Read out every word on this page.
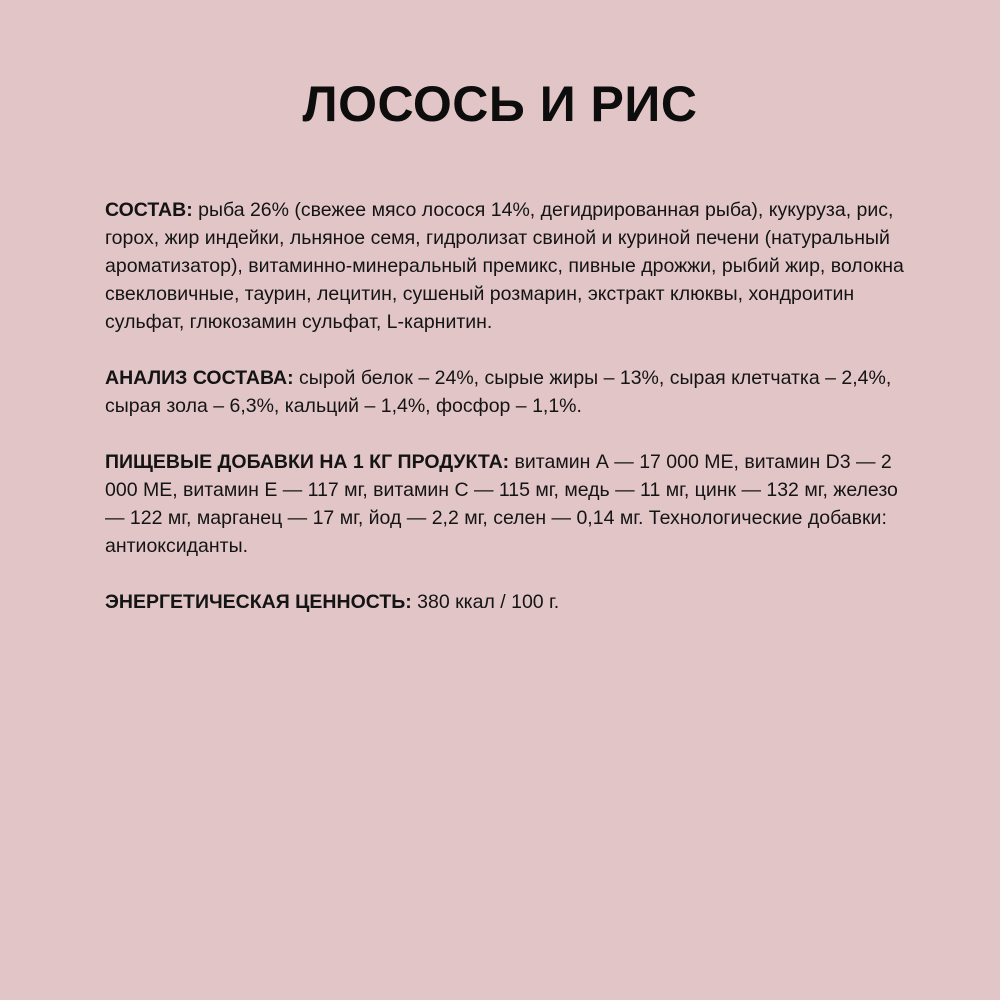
ЛОСОСЬ И РИС

СОСТАВ: рыба 26% (свежее мясо лосося 14%, дегидрированная рыба), кукуруза, рис, горох, жир индейки, льняное семя, гидролизат свиной и куриной печени (натуральный ароматизатор), витаминно-минеральный премикс, пивные дрожжи, рыбий жир, волокна свекловичные, таурин, лецитин, сушеный розмарин, экстракт клюквы, хондроитин сульфат, глюкозамин сульфат, L-карнитин.

АНАЛИЗ СОСТАВА: сырой белок – 24%, сырые жиры – 13%, сырая клетчатка – 2,4%, сырая зола – 6,3%, кальций – 1,4%, фосфор – 1,1%.

ПИЩЕВЫЕ ДОБАВКИ НА 1 КГ ПРОДУКТА: витамин А — 17 000 МЕ, витамин D3 — 2 000 МЕ, витамин Е — 117 мг, витамин С — 115 мг, медь — 11 мг, цинк — 132 мг, железо — 122 мг, марганец — 17 мг, йод — 2,2 мг, селен — 0,14 мг. Технологические добавки: антиоксиданты.

ЭНЕРГЕТИЧЕСКАЯ ЦЕННОСТЬ: 380 ккал / 100 г.
